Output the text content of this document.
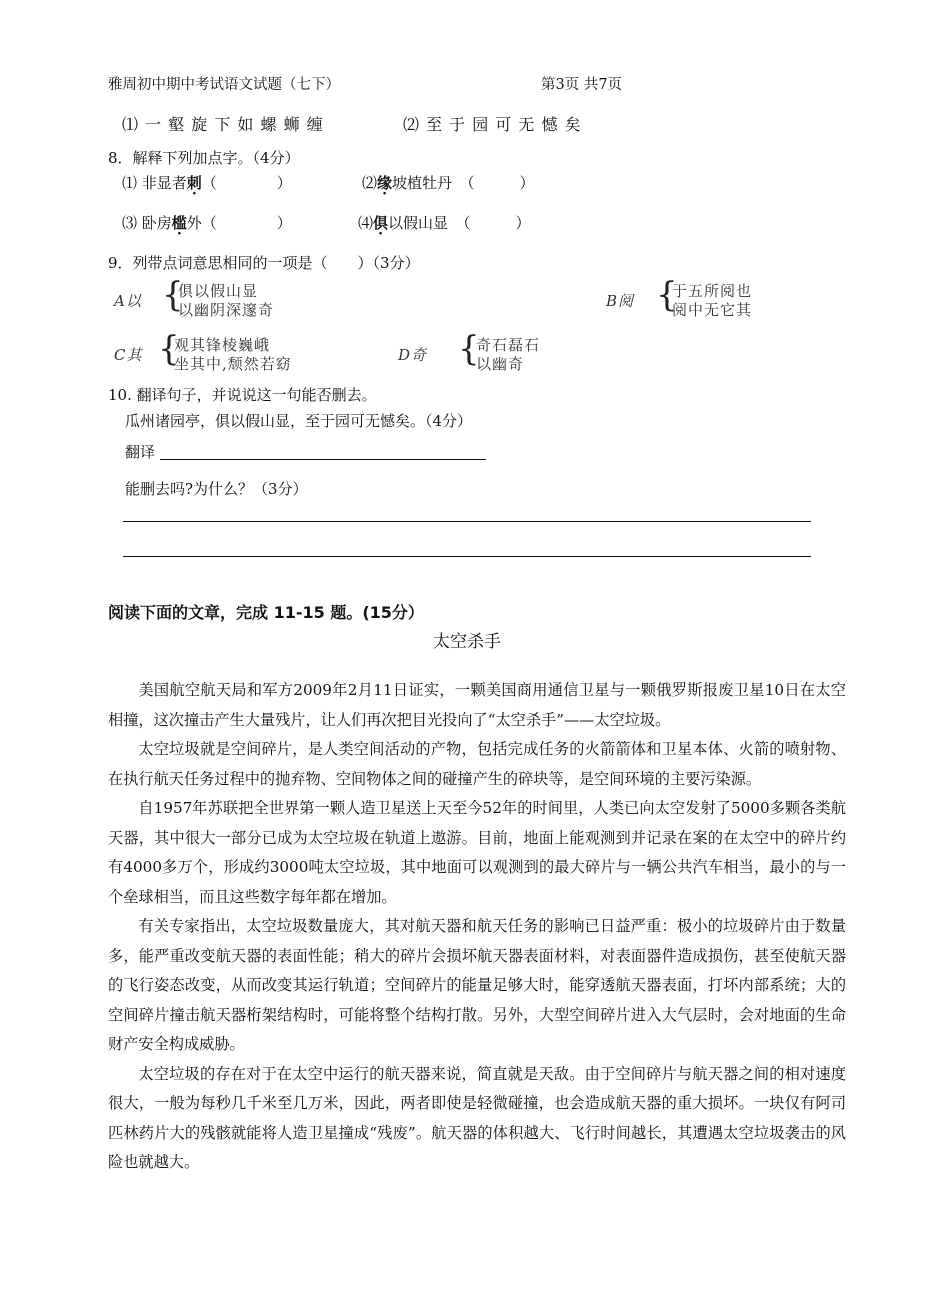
雅周初中期中考试语文试题（七下）	第3页 共7页
⑴ 一 壑 旋 下 如 螺 蛳 缠	⑵ 至 于 园 可 无 憾 矣
8．解释下列加点字。（4分）
⑴ 非显者刺（　　　　）	⑵缘坡植牡丹　（　　　）
⑶ 卧房槛外（　　　　）	⑷俱以假山显　（　　　）
9．列带点词意思相同的一项是（　　）（3分）
A以 {
俱以假山显
以幽阴深邃奇	B阅 {
于五所阅也
阅中无它其
C其 {
观其锋棱巍峨
坐其中,颓然若窈	D奇 {
奇石磊石
以幽奇
10. 翻译句子，并说说这一句能否删去。
瓜州诸园亭，俱以假山显，至于园可无憾矣。（4分）
翻译
能删去吗?为什么？（3分）
阅读下面的文章，完成 11-15 题。(15分）
太空杀手

美国航空航天局和军方2009年2月11日证实，一颗美国商用通信卫星与一颗俄罗斯报废卫星10日在太空相撞，这次撞击产生大量残片，让人们再次把目光投向了“太空杀手”——太空垃圾。

太空垃圾就是空间碎片，是人类空间活动的产物，包括完成任务的火箭箭体和卫星本体、火箭的喷射物、在执行航天任务过程中的抛弃物、空间物体之间的碰撞产生的碎块等，是空间环境的主要污染源。

自1957年苏联把全世界第一颗人造卫星送上天至今52年的时间里，人类已向太空发射了5000多颗各类航天器，其中很大一部分已成为太空垃圾在轨道上遨游。目前，地面上能观测到并记录在案的在太空中的碎片约有4000多万个，形成约3000吨太空垃圾，其中地面可以观测到的最大碎片与一辆公共汽车相当，最小的与一个垒球相当，而且这些数字每年都在增加。

有关专家指出，太空垃圾数量庞大，其对航天器和航天任务的影响已日益严重：极小的垃圾碎片由于数量多，能严重改变航天器的表面性能；稍大的碎片会损坏航天器表面材料，对表面器件造成损伤，甚至使航天器的飞行姿态改变，从而改变其运行轨道；空间碎片的能量足够大时，能穿透航天器表面，打坏内部系统；大的空间碎片撞击航天器桁架结构时，可能将整个结构打散。另外，大型空间碎片进入大气层时，会对地面的生命财产安全构成威胁。

太空垃圾的存在对于在太空中运行的航天器来说，简直就是天敌。由于空间碎片与航天器之间的相对速度很大，一般为每秒几千米至几万米，因此，两者即使是轻微碰撞，也会造成航天器的重大损坏。一块仅有阿司匹林药片大的残骸就能将人造卫星撞成“残废”。航天器的体积越大、飞行时间越长，其遭遇太空垃圾袭击的风险也就越大。
